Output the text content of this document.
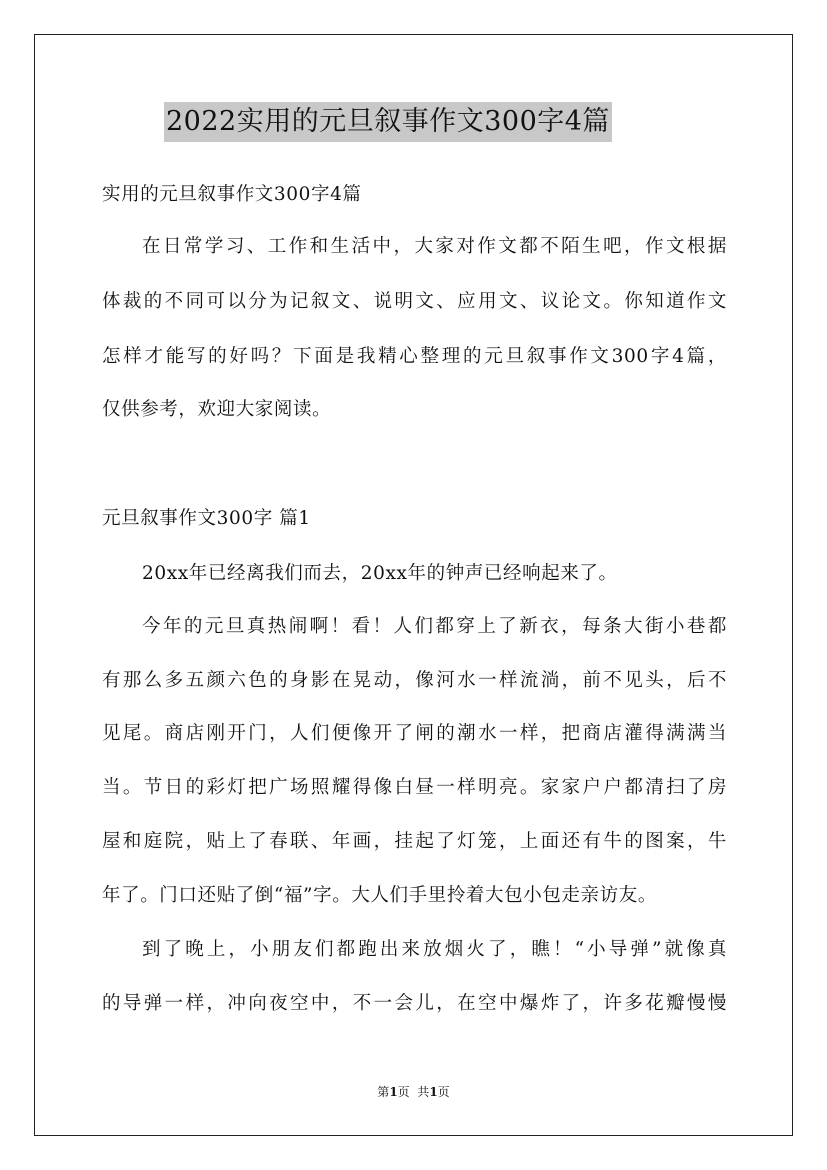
2022实用的元旦叙事作文300字4篇
实用的元旦叙事作文300字4篇
在日常学习、工作和生活中，大家对作文都不陌生吧，作文根据
体裁的不同可以分为记叙文、说明文、应用文、议论文。你知道作文
怎样才能写的好吗？下面是我精心整理的元旦叙事作文300字4篇，
仅供参考，欢迎大家阅读。
元旦叙事作文300字 篇1
20xx年已经离我们而去，20xx年的钟声已经响起来了。
今年的元旦真热闹啊！看！人们都穿上了新衣，每条大街小巷都
有那么多五颜六色的身影在晃动，像河水一样流淌，前不见头，后不
见尾。商店刚开门，人们便像开了闸的潮水一样，把商店灌得满满当
当。节日的彩灯把广场照耀得像白昼一样明亮。家家户户都清扫了房
屋和庭院，贴上了春联、年画，挂起了灯笼，上面还有牛的图案，牛
年了。门口还贴了倒“福”字。大人们手里拎着大包小包走亲访友。
到了晚上，小朋友们都跑出来放烟火了，瞧！“小导弹”就像真
的导弹一样，冲向夜空中，不一会儿，在空中爆炸了，许多花瓣慢慢
第1页  共1页
